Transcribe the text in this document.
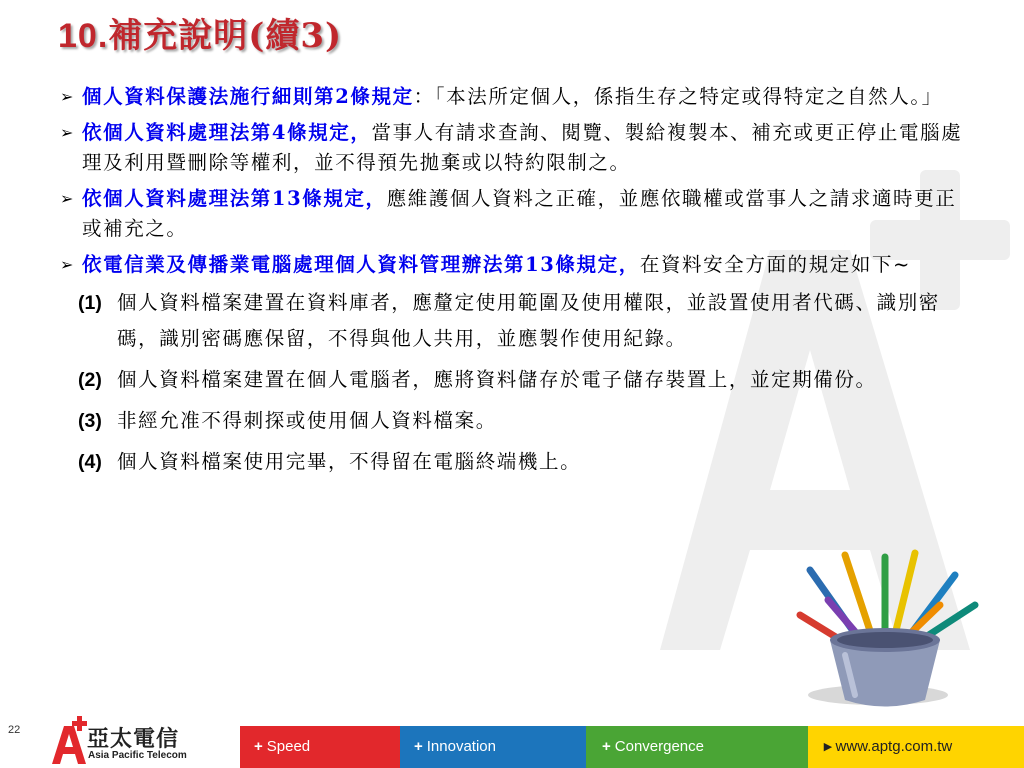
10.補充說明(續3)
➢ 個人資料保護法施行細則第2條規定：「本法所定個人，係指生存之特定或得特定之自然人。」
➢ 依個人資料處理法第4條規定，當事人有請求查詢、閱覽、製給複製本、補充或更正停止電腦處理及利用暨刪除等權利，並不得預先拋棄或以特約限制之。
➢ 依個人資料處理法第13條規定，應維護個人資料之正確，並應依職權或當事人之請求適時更正或補充之。
➢ 依電信業及傳播業電腦處理個人資料管理辦法第13條規定，在資料安全方面的規定如下~
(1) 個人資料檔案建置在資料庫者，應釐定使用範圍及使用權限，並設置使用者代碼、識別密碼，識別密碼應保留，不得與他人共用，並應製作使用紀錄。
(2) 個人資料檔案建置在個人電腦者，應將資料儲存於電子儲存裝置上，並定期備份。
(3) 非經允准不得刺探或使用個人資料檔案。
(4) 個人資料檔案使用完畢，不得留在電腦終端機上。
22	亞太電信
Asia Pacific Telecom
+ Speed	+ Innovation	+ Convergence	▸ www.aptg.com.tw
